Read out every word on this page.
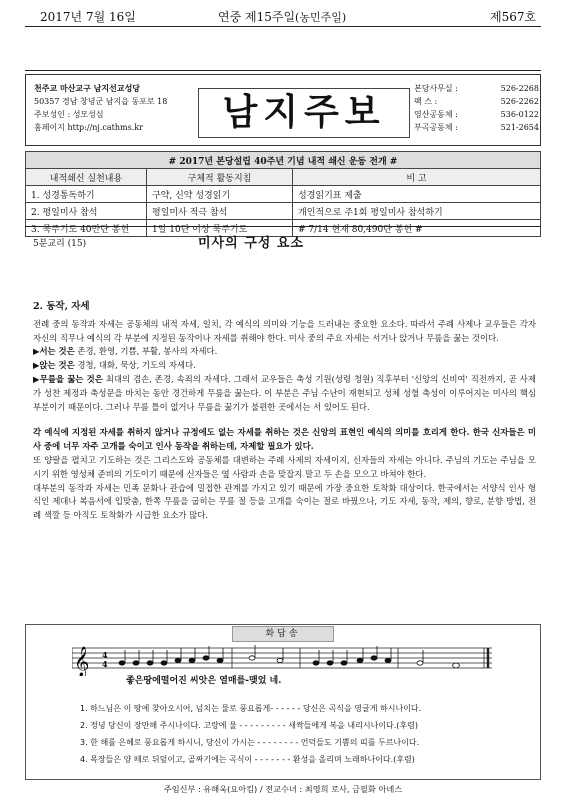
2017년 7월 16일	연중 제15주일(농민주일)	제567호
천주교 마산교구 남지선교성당
50357 경남 창녕군 남지읍 동포로 18
주보성인 : 성모성심
홈페이지 http://nj.cathms.kr	남지주보
본당사무실 :	526-2268
팩 스 :	526-2262
영산공동체 :	536-0122
부곡공동체 :	521-2654
# 2017년 본당설립 40주년 기념 내적 쇄신 운동 전개 #		
내적쇄신 실천내용	구체적 활동지침	비 고
1. 성경통독하기	구약, 신약 성경읽기	성경읽기표 제출
2. 평일미사 참석	평일미사 적극 참석	개인적으로 주1회 평일미사 참석하기
3. 묵주기도 40만단 봉헌	1일 10단 이상 묵주기도	# 7/14 현재 80,490단 봉헌 #
5분교리 (15)	미사의 구성 요소
2. 동작, 자세

전례 중의 동작과 자세는 공동체의 내적 자세, 일치, 각 예식의 의미와 기능을 드러내는 중요한 요소다. 따라서 주례 사제나 교우들은 각자 자신의 직무나 예식의 각 부분에 지정된 동작이나 자세를 취해야 한다. 미사 중의 주요 자세는 서거나 앉거나 무릎을 꿇는 것이다.

▶서는 것은 존경, 환영, 기쁨, 부활, 봉사의 자세다.

▶앉는 것은 경청, 대화, 묵상, 기도의 자세다.

▶무릎을 꿇는 것은 최대의 겸손, 존경, 속죄의 자세다. 그래서 교우들은 축성 기원(성령 청원) 직후부터 '신앙의 신비여' 직전까지, 곧 사제가 성찬 제정과 축성문을 바치는 동안 경건하게 무릎을 꿇는다. 이 부분은 주님 수난이 재현되고 성체 성혈 축성이 이루어지는 미사의 핵심 부분이기 때문이다. 그러나 무릎 틀이 없거나 무릎을 꿇기가 불편한 곳에서는 서 있어도 된다.

각 예식에 지정된 자세를 취하지 않거나 규정에도 없는 자세를 취하는 것은 신앙의 표현인 예식의 의미를 흐리게 한다. 한국 신자들은 미사 중에 너무 자주 고개를 숙이고 인사 동작을 취하는데, 자제할 필요가 있다.

또 양팔을 펼치고 기도하는 것은 그리스도와 공동체를 대변하는 주례 사제의 자세이지, 신자들의 자세는 아니다. 주님의 기도는 주님을 모시기 위한 영성체 준비의 기도이기 때문에 신자들은 옆 사람과 손을 맞잡지 말고 두 손을 모으고 바쳐야 한다.

대부분의 동작과 자세는 민족 문화나 관습에 밀접한 관계를 가지고 있기 때문에 가장 중요한 토착화 대상이다. 한국에서는 서양식 인사 형식인 제대나 복음서에 입맞춤, 한쪽 무릎을 굽히는 무릎 절 등을 고개를 숙이는 절로 바꿨으나, 기도 자세, 동작, 제의, 향로, 분향 방법, 전례 색깔 등 아직도 토착화가 시급한 요소가 많다.

화답송
𝄞 4
4
좋은땅에떨어진 씨앗은 열매를-맺었 네.
1. 하느님은 이 땅에 찾아오시어, 넘치는 물로 풍요롭게- - - - - - 당신은 곡식을 영글게 하시나이다.
2. 정녕 당신이 장만해 주시나이다. 고랑에 물 - - - - - - - - - 새싹들에게 복을 내리시나이다.(후렴)
3. 한 해를 은혜로 풍요롭게 하시니, 당신이 가시는 - - - - - - - - 언덕들도 기쁨의 띠를 두르나이다.
4. 목장들은 양 떼로 뒤덮이고, 골짜기에는 곡식이 - - - - - - - 환성을 올리며 노래하나이다.(후렴)
주임신부 : 유해욱(요아킴) / 전교수녀 : 최영희 로사, 금필화 아녜스
